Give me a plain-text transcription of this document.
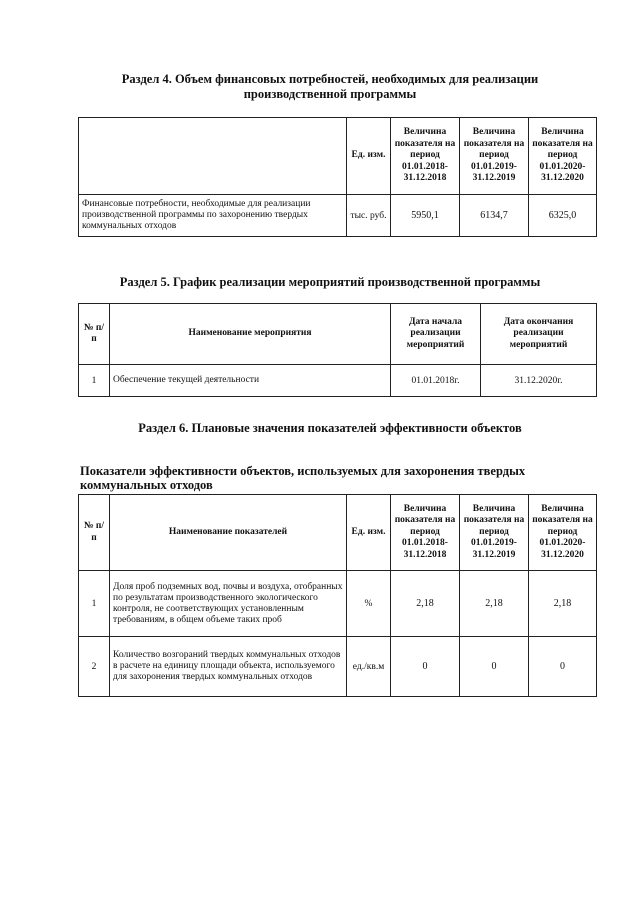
Раздел 4. Объем финансовых потребностей, необходимых для реализации
производственной программы
	Ед. изм.	Величина показателя на период 01.01.2018-31.12.2018	Величина показателя на период 01.01.2019-31.12.2019	Величина показателя на период 01.01.2020-31.12.2020
Финансовые потребности, необходимые для реализации производственной программы по захоронению твердых коммунальных отходов	тыс. руб.	5950,1	6134,7	6325,0
Раздел 5. График реализации мероприятий производственной программы
№ п/п	Наименование мероприятия	Дата начала реализации мероприятий	Дата окончания реализации мероприятий
1	Обеспечение текущей деятельности	01.01.2018г.	31.12.2020г.
Раздел 6. Плановые значения показателей эффективности объектов
Показатели эффективности объектов, используемых для захоронения твердых
коммунальных отходов
№ п/п	Наименование показателей	Ед. изм.	Величина показателя на период 01.01.2018-31.12.2018	Величина показателя на период 01.01.2019-31.12.2019	Величина показателя на период 01.01.2020-31.12.2020
1	Доля проб подземных вод, почвы и воздуха, отобранных по результатам производственного экологического контроля, не соответствующих установленным требованиям, в общем объеме таких проб	%	2,18	2,18	2,18
2	Количество возгораний твердых коммунальных отходов в расчете на единицу площади объекта, используемого для захоронения твердых коммунальных отходов	ед./кв.м	0	0	0
